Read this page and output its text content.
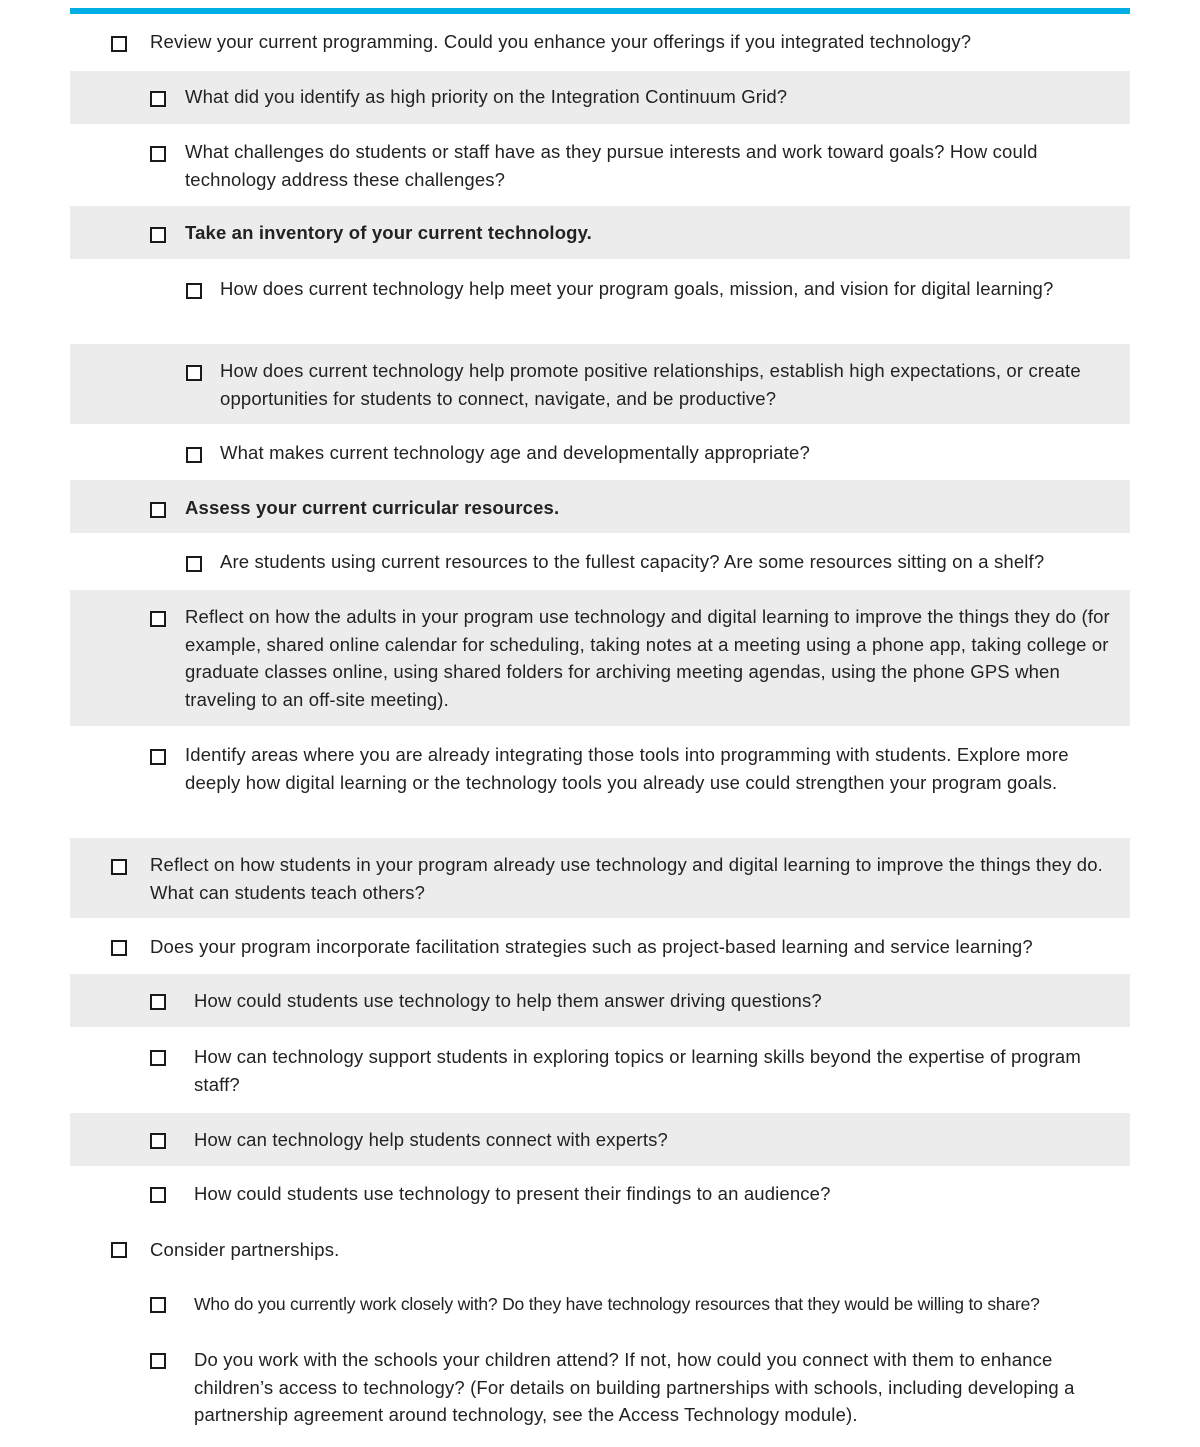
Review your current programming. Could you enhance your offerings if you integrated technology?
What did you identify as high priority on the Integration Continuum Grid?
What challenges do students or staff have as they pursue interests and work toward goals? How could technology address these challenges?
Take an inventory of your current technology.
How does current technology help meet your program goals, mission, and vision for digital learning?
How does current technology help promote positive relationships, establish high expectations, or create opportunities for students to connect, navigate, and be productive?
What makes current technology age and developmentally appropriate?
Assess your current curricular resources.
Are students using current resources to the fullest capacity? Are some resources sitting on a shelf?
Reflect on how the adults in your program use technology and digital learning to improve the things they do (for example, shared online calendar for scheduling, taking notes at a meeting using a phone app, taking college or graduate classes online, using shared folders for archiving meeting agendas, using the phone GPS when traveling to an off-site meeting).
Identify areas where you are already integrating those tools into programming with students. Explore more deeply how digital learning or the technology tools you already use could strengthen your program goals.
Reflect on how students in your program already use technology and digital learning to improve the things they do. What can students teach others?
Does your program incorporate facilitation strategies such as project-based learning and service learning?
How could students use technology to help them answer driving questions?
How can technology support students in exploring topics or learning skills beyond the expertise of program staff?
How can technology help students connect with experts?
How could students use technology to present their findings to an audience?
Consider partnerships.
Who do you currently work closely with? Do they have technology resources that they would be willing to share?
Do you work with the schools your children attend? If not, how could you connect with them to enhance children’s access to technology? (For details on building partnerships with schools, including developing a partnership agreement around technology, see the Access Technology module).
